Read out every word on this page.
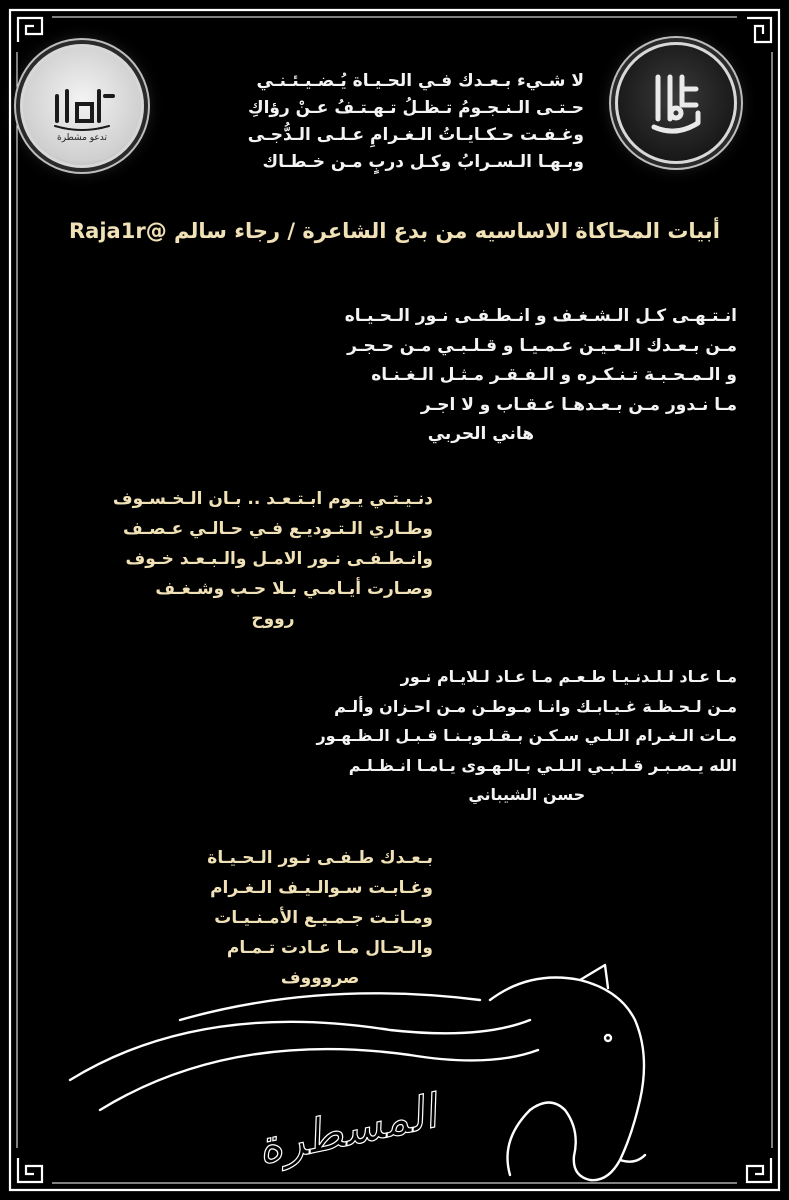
تدعو مشطرة
لا شـيء بـعـدك فـي الحـيـاة يُـضـيـئـنـي
حـتـى الـنـجـومُ تـظـلُ تـهـتـفُ عـنْ رؤاكِ
وغـفـت حـكـايـاتُ الـغـرامِ عـلـى الـدُّجـى
وبـهـا الـسـرابُ وكـل دربٍ مـن خـطـاك
أبيات المحاكاة الاساسيه من بدع الشاعرة / رجاء سالم @Raja1r
انـتـهـى كـل الـشـغـف و انـطـفـى نـور الـحـيـاه
مـن بـعـدك الـعـيـن عـمـيـا و قـلـبـي مـن حـجـر
و الـمـحـبـة تـنـكـره و الـفـقـر مـثـل الـغـنـاه
مـا نـدور مـن بـعـدهـا عـقـاب و لا اجـر
هاني الحربي
دنـيـتـي يـوم ابـتـعـد .. بـان الـخـسـوف
وطـاري الـتـوديـع فـي حـالـي عـصـف
وانـطـفـى نـور الامـل والـبـعـد خـوف
وصـارت أيـامـي بـلا حـب وشـغـف
رووح
مـا عـاد لـلـدنـيـا طـعـم مـا عـاد لـلايـام نـور
مـن لـحـظـة غـيـابـك وانـا مـوطـن مـن احـزان وألـم
مـات الـغـرام الـلـي سـكـن بـقـلـوبـنـا قـبـل الـظـهـور
الله يـصـبـر قـلـبـي الـلـي بـالـهـوى يـامـا انـظـلـم
حسن الشيباني
بـعـدك طـفـى نـور الـحـيـاة
وغـابـت سـوالـيـف الـغـرام
ومـاتـت جـمـيـع الأمـنـيـات
والـحـال مـا عـادت تـمـام
صروووف
المسطرة
